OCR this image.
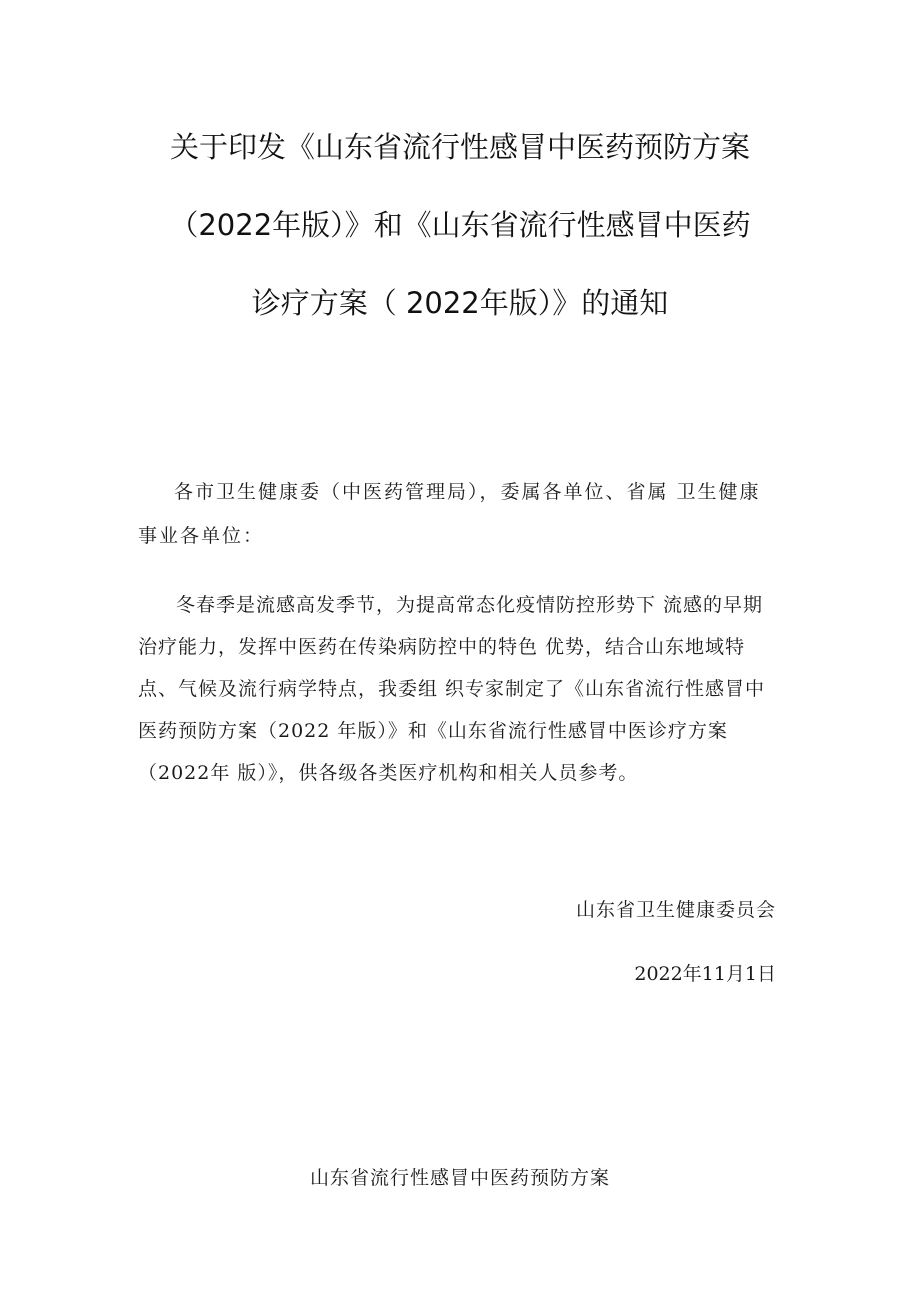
关于印发《山东省流行性感冒中医药预防方案
（2022年版）》和《山东省流行性感冒中医药
诊疗方案（ 2022年版）》的通知

各市卫生健康委（中医药管理局），委属各单位、省属 卫生健康事业各单位：

冬春季是流感高发季节，为提高常态化疫情防控形势下 流感的早期治疗能力，发挥中医药在传染病防控中的特色 优势，结合山东地域特点、气候及流行病学特点，我委组 织专家制定了《山东省流行性感冒中医药预防方案（2022 年版）》和《山东省流行性感冒中医诊疗方案（2022年 版）》，供各级各类医疗机构和相关人员参考。

山东省卫生健康委员会
2022年11月1日
山东省流行性感冒中医药预防方案
